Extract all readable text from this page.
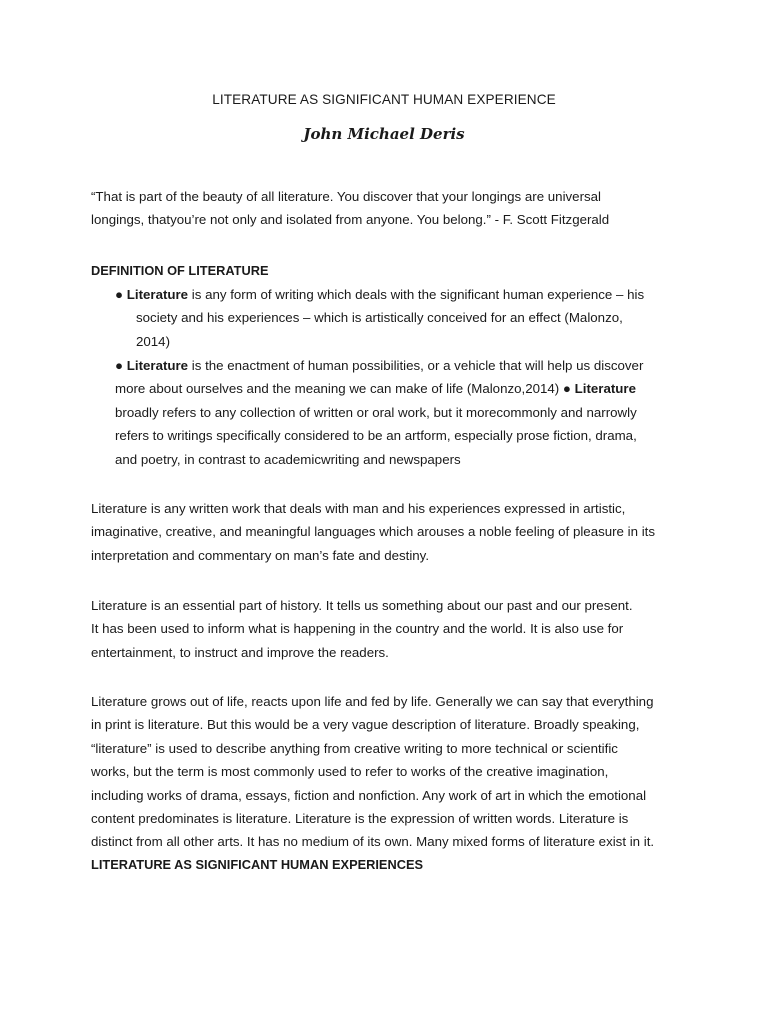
LITERATURE AS SIGNIFICANT HUMAN EXPERIENCE
John Michael Deris
“That is part of the beauty of all literature. You discover that your longings are universal
longings, thatyou’re not only and isolated from anyone. You belong.” - F. Scott Fitzgerald
DEFINITION OF LITERATURE
● Literature is any form of writing which deals with the significant human experience – his
society and his experiences – which is artistically conceived for an effect (Malonzo,
2014)
● Literature is the enactment of human possibilities, or a vehicle that will help us discover
more about ourselves and the meaning we can make of life (Malonzo,2014) ● Literature
broadly refers to any collection of written or oral work, but it morecommonly and narrowly
refers to writings specifically considered to be an artform, especially prose fiction, drama,
and poetry, in contrast to academicwriting and newspapers
Literature is any written work that deals with man and his experiences expressed in artistic,
imaginative, creative, and meaningful languages which arouses a noble feeling of pleasure in its
interpretation and commentary on man’s fate and destiny.
Literature is an essential part of history. It tells us something about our past and our present.
It has been used to inform what is happening in the country and the world. It is also use for
entertainment, to instruct and improve the readers.
Literature grows out of life, reacts upon life and fed by life. Generally we can say that everything
in print is literature. But this would be a very vague description of literature. Broadly speaking,
“literature” is used to describe anything from creative writing to more technical or scientific
works, but the term is most commonly used to refer to works of the creative imagination,
including works of drama, essays, fiction and nonfiction. Any work of art in which the emotional
content predominates is literature. Literature is the expression of written words. Literature is
distinct from all other arts. It has no medium of its own. Many mixed forms of literature exist in it.
LITERATURE AS SIGNIFICANT HUMAN EXPERIENCES
